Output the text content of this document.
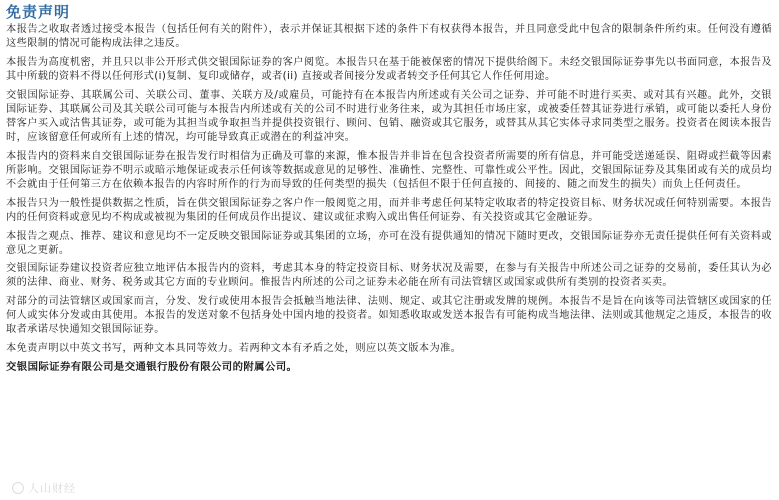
免责声明

本报告之收取者透过接受本报告（包括任何有关的附件），表示并保证其根据下述的条件下有权获得本报告，并且同意受此中包含的限制条件所约束。任何没有遵循这些限制的情况可能构成法律之违反。

本报告为高度机密，并且只以非公开形式供交银国际证券的客户阅览。本报告只在基于能被保密的情况下提供给阁下。未经交银国际证券事先以书面同意，本报告及其中所载的资料不得以任何形式(i)复制、复印或储存，或者(ii) 直接或者间接分发或者转交予任何其它人作任何用途。

交银国际证券、其联属公司、关联公司、董事、关联方及/或雇员，可能持有在本报告内所述或有关公司之证券、并可能不时进行买卖、或对其有兴趣。此外，交银国际证券、其联属公司及其关联公司可能与本报告内所述或有关的公司不时进行业务往来，或为其担任市场庄家，或被委任替其证券进行承销，或可能以委托人身份替客户买入或沽售其证券，或可能为其担当或争取担当并提供投资银行、顾问、包销、融资或其它服务，或替其从其它实体寻求同类型之服务。投资者在阅读本报告时，应该留意任何或所有上述的情况，均可能导致真正或潜在的利益冲突。

本报告内的资料来自交银国际证券在报告发行时相信为正确及可靠的来源，惟本报告并非旨在包含投资者所需要的所有信息，并可能受送递延误、阻碍或拦截等因素所影响。交银国际证券不明示或暗示地保证或表示任何该等数据或意见的足够性、准确性、完整性、可靠性或公平性。因此，交银国际证券及其集团或有关的成员均不会就由于任何第三方在依赖本报告的内容时所作的行为而导致的任何类型的损失（包括但不限于任何直接的、间接的、随之而发生的损失）而负上任何责任。

本报告只为一般性提供数据之性质，旨在供交银国际证券之客户作一般阅览之用，而并非考虑任何某特定收取者的特定投资目标、财务状况或任何特别需要。本报告内的任何资料或意见均不构成或被视为集团的任何成员作出提议、建议或征求购入或出售任何证券、有关投资或其它金融证券。

本报告之观点、推荐、建议和意见均不一定反映交银国际证券或其集团的立场，亦可在没有提供通知的情况下随时更改，交银国际证券亦无责任提供任何有关资料或意见之更新。

交银国际证券建议投资者应独立地评估本报告内的资料，考虑其本身的特定投资目标、财务状况及需要，在参与有关报告中所述公司之证券的交易前，委任其认为必须的法律、商业、财务、税务或其它方面的专业顾问。惟报告内所述的公司之证券未必能在所有司法管辖区或国家或供所有类别的投资者买卖。

对部分的司法管辖区或国家而言，分发、发行或使用本报告会抵触当地法律、法则、规定、或其它注册或发牌的规例。本报告不是旨在向该等司法管辖区或国家的任何人或实体分发或由其使用。本报告的发送对象不包括身处中国内地的投资者。如知悉收取或发送本报告有可能构成当地法律、法则或其他规定之违反，本报告的收取者承诺尽快通知交银国际证券。

本免责声明以中英文书写，两种文本具同等效力。若两种文本有矛盾之处，则应以英文版本为准。

交银国际证券有限公司是交通银行股份有限公司的附属公司。

人山财经
